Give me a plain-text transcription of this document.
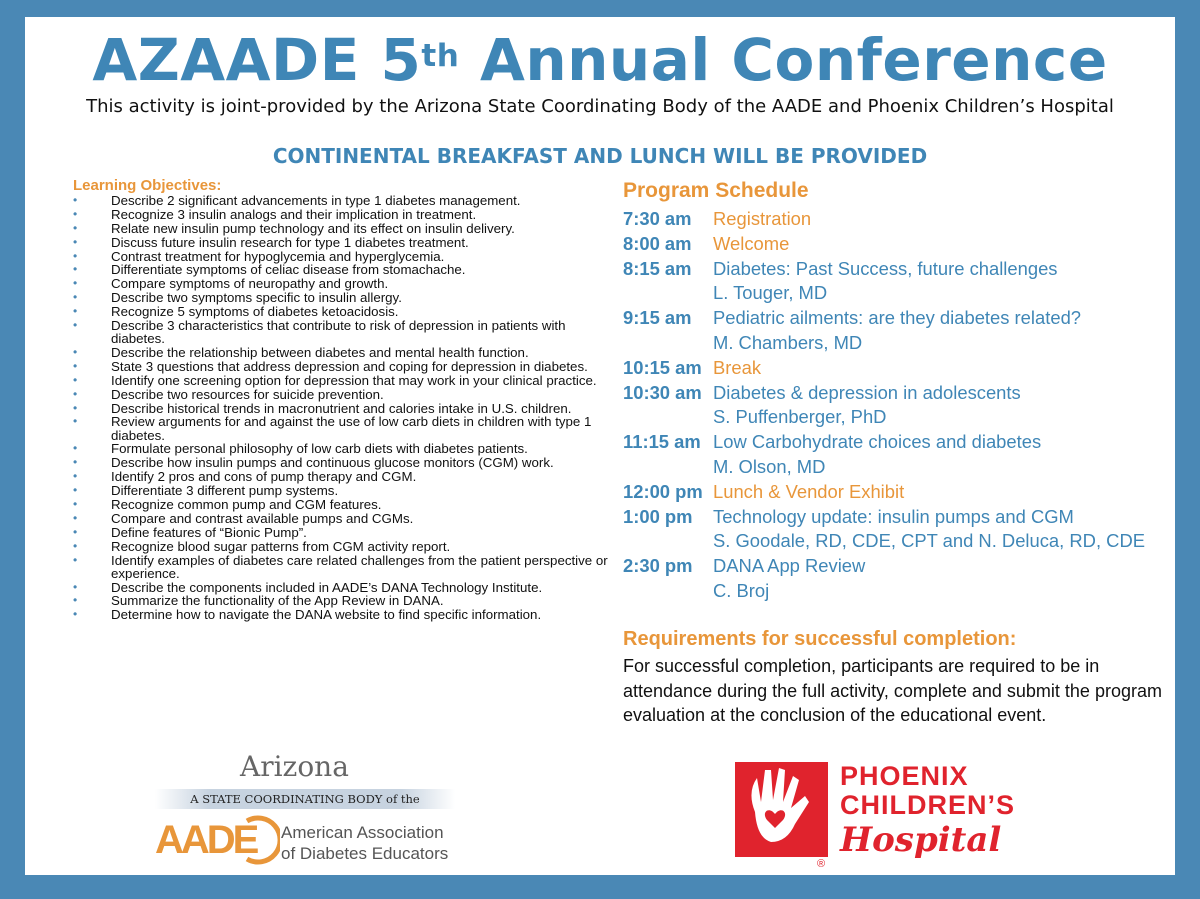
AZAADE 5th Annual Conference
This activity is joint-provided by the Arizona State Coordinating Body of the AADE and Phoenix Children’s Hospital
CONTINENTAL BREAKFAST AND LUNCH WILL BE PROVIDED
Learning Objectives:
•	Describe 2 significant advancements in type 1 diabetes management.
•	Recognize 3 insulin analogs and their implication in treatment.
•	Relate new insulin pump technology and its effect on insulin delivery.
•	Discuss future insulin research for type 1 diabetes treatment.
•	Contrast treatment for hypoglycemia and hyperglycemia.
•	Differentiate symptoms of celiac disease from stomachache.
•	Compare symptoms of neuropathy and growth.
•	Describe two symptoms specific to insulin allergy.
•	Recognize 5 symptoms of diabetes ketoacidosis.
•	Describe 3 characteristics that contribute to risk of depression in patients with diabetes.
•	Describe the relationship between diabetes and mental health function.
•	State 3 questions that address depression and coping for depression in diabetes.
•	Identify one screening option for depression that may work in your clinical practice.
•	Describe two resources for suicide prevention.
•	Describe historical trends in macronutrient and calories intake in U.S. children.
•	Review arguments for and against the use of low carb diets in children with type 1 diabetes.
•	Formulate personal philosophy of low carb diets with diabetes patients.
•	Describe how insulin pumps and continuous glucose monitors (CGM) work.
•	Identify 2 pros and cons of pump therapy and CGM.
•	Differentiate 3 different pump systems.
•	Recognize common pump and CGM features.
•	Compare and contrast available pumps and CGMs.
•	Define features of “Bionic Pump”.
•	Recognize blood sugar patterns from CGM activity report.
•	Identify examples of diabetes care related challenges from the patient perspective or experience.
•	Describe the components included in AADE’s DANA Technology Institute.
•	Summarize the functionality of the App Review in DANA.
•	Determine how to navigate the DANA website to find specific information.
Program Schedule
7:30 am	Registration
8:00 am	Welcome
8:15 am	Diabetes: Past Success, future challenges
L. Touger, MD
9:15 am	Pediatric ailments: are they diabetes related?
M. Chambers, MD
10:15 am Break
10:30 am Diabetes & depression in adolescents
S. Puffenberger, PhD
11:15 am Low Carbohydrate choices and diabetes
M. Olson, MD
12:00 pm Lunch & Vendor Exhibit
1:00 pm	Technology update: insulin pumps and CGM
S. Goodale, RD, CDE, CPT and N. Deluca, RD, CDE
2:30 pm	DANA App Review
C. Broj
Requirements for successful completion:
For successful completion, participants are required to be in attendance during the full activity, complete and submit the program evaluation at the conclusion of the educational event.
Arizona
A STATE COORDINATING BODY of the
AADE American Association
of Diabetes Educators
PHOENIX
CHILDREN’S
Hospital
®
